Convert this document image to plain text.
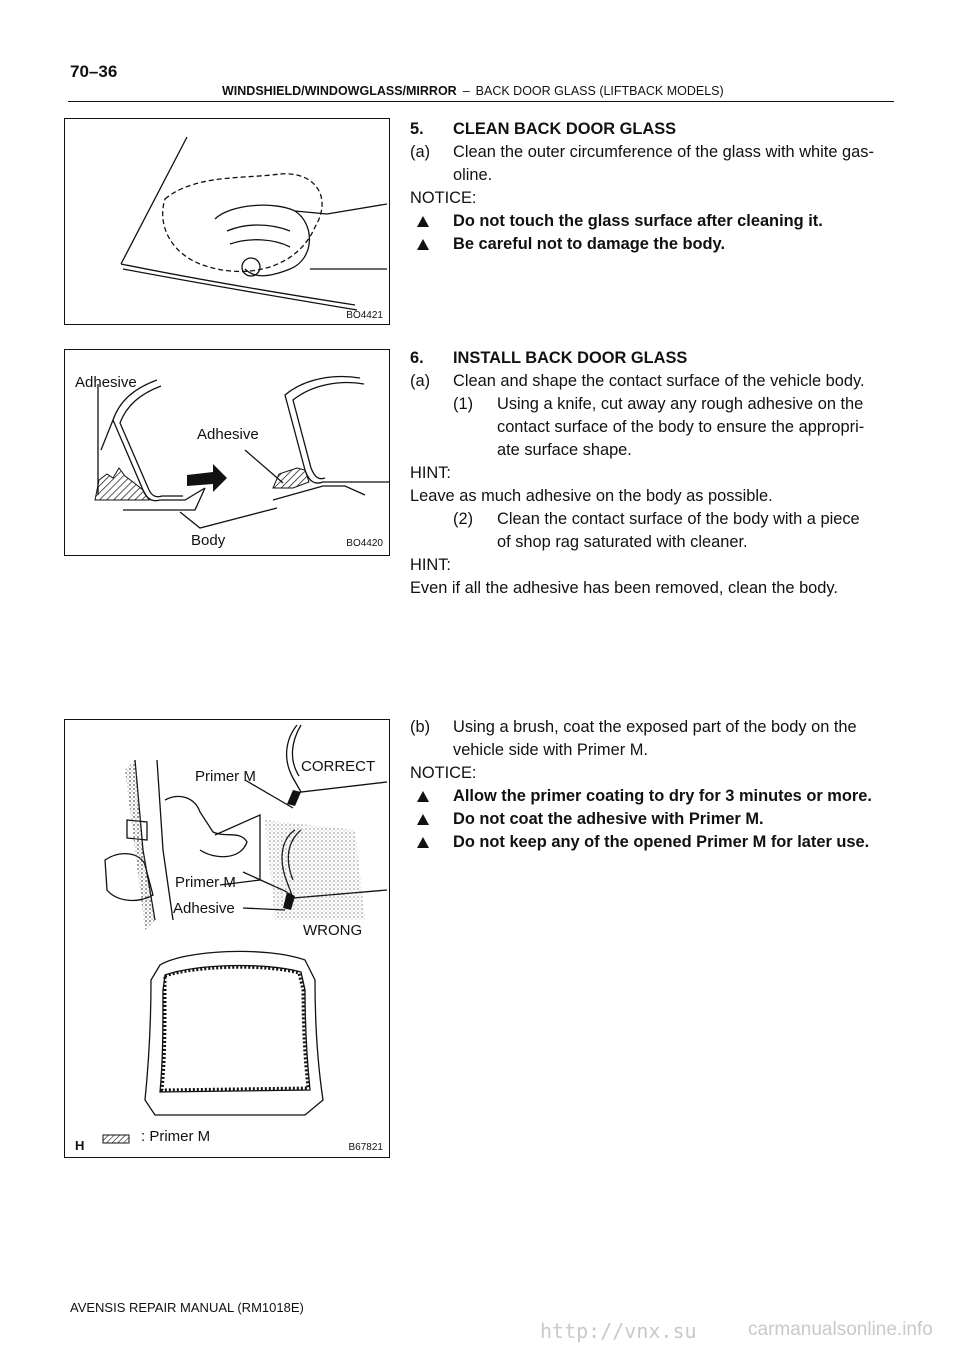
70–36
WINDSHIELD/WINDOWGLASS/MIRROR – BACK DOOR GLASS (LIFTBACK MODELS)
BO4421
Adhesive
Adhesive
Body	BO4420
Primer M
CORRECT
Primer M
Adhesive
WRONG
: Primer M
H	B67821
5. CLEAN BACK DOOR GLASS
(a) Clean the outer circumference of the glass with white gas-
oline.
NOTICE:
Do not touch the glass surface after cleaning it.
Be careful not to damage the body.
6. INSTALL BACK DOOR GLASS
(a) Clean and shape the contact surface of the vehicle body.
(1) Using a knife, cut away any rough adhesive on the
contact surface of the body to ensure the appropri-
ate surface shape.
HINT:
Leave as much adhesive on the body as possible.
(2) Clean the contact surface of the body with a piece
of shop rag saturated with cleaner.
HINT:
Even if all the adhesive has been removed, clean the body.
(b) Using a brush, coat the exposed part of the body on the
vehicle side with Primer M.
NOTICE:
Allow the primer coating to dry for 3 minutes or more.
Do not coat the adhesive with Primer M.
Do not keep any of the opened Primer M for later use.
AVENSIS REPAIR MANUAL (RM1018E)
http://vnx.su	carmanualsonline.info
